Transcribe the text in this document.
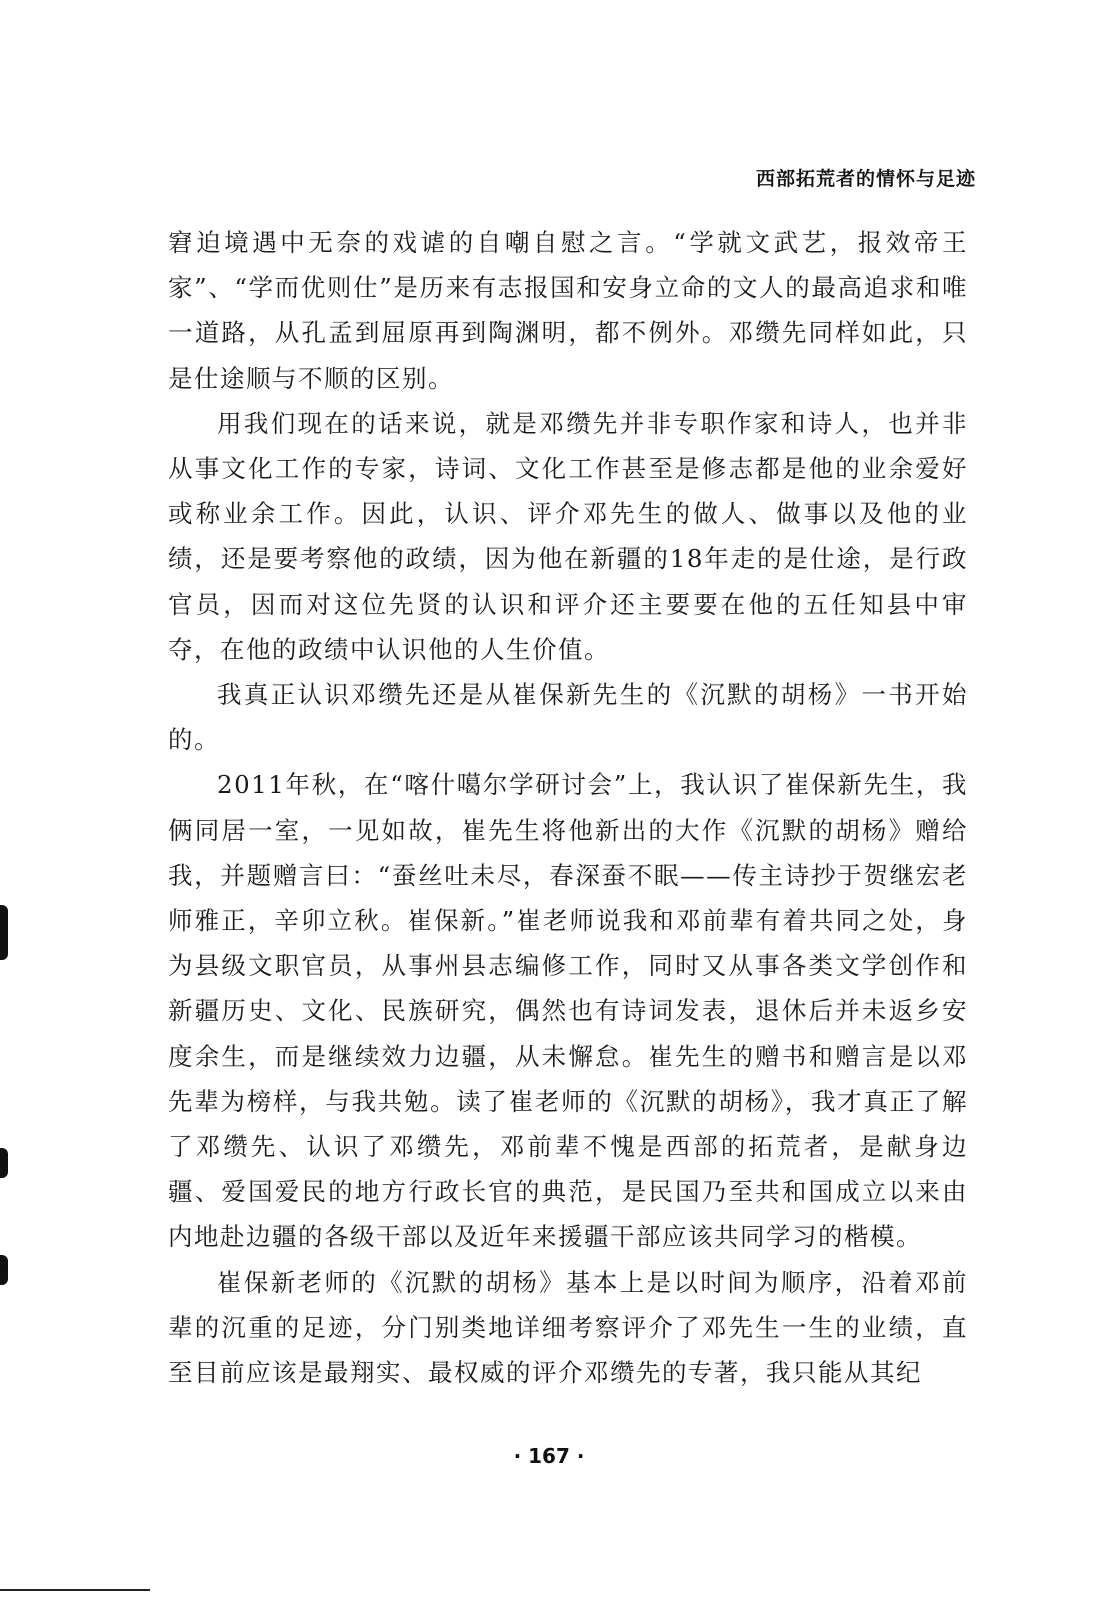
西部拓荒者的情怀与足迹

窘迫境遇中无奈的戏谑的自嘲自慰之言。“学就文武艺，报效帝王家”、“学而优则仕”是历来有志报国和安身立命的文人的最高追求和唯一道路，从孔孟到屈原再到陶渊明，都不例外。邓缵先同样如此，只是仕途顺与不顺的区别。

用我们现在的话来说，就是邓缵先并非专职作家和诗人，也并非从事文化工作的专家，诗词、文化工作甚至是修志都是他的业余爱好或称业余工作。因此，认识、评介邓先生的做人、做事以及他的业绩，还是要考察他的政绩，因为他在新疆的18年走的是仕途，是行政官员，因而对这位先贤的认识和评介还主要要在他的五任知县中审夺，在他的政绩中认识他的人生价值。

我真正认识邓缵先还是从崔保新先生的《沉默的胡杨》一书开始的。

2011年秋，在“喀什噶尔学研讨会”上，我认识了崔保新先生，我俩同居一室，一见如故，崔先生将他新出的大作《沉默的胡杨》赠给我，并题赠言曰：“蚕丝吐未尽，春深蚕不眠——传主诗抄于贺继宏老师雅正，辛卯立秋。崔保新。”崔老师说我和邓前辈有着共同之处，身为县级文职官员，从事州县志编修工作，同时又从事各类文学创作和新疆历史、文化、民族研究，偶然也有诗词发表，退休后并未返乡安度余生，而是继续效力边疆，从未懈怠。崔先生的赠书和赠言是以邓先辈为榜样，与我共勉。读了崔老师的《沉默的胡杨》，我才真正了解了邓缵先、认识了邓缵先，邓前辈不愧是西部的拓荒者，是献身边疆、爱国爱民的地方行政长官的典范，是民国乃至共和国成立以来由内地赴边疆的各级干部以及近年来援疆干部应该共同学习的楷模。

崔保新老师的《沉默的胡杨》基本上是以时间为顺序，沿着邓前辈的沉重的足迹，分门别类地详细考察评介了邓先生一生的业绩，直至目前应该是最翔实、最权威的评介邓缵先的专著，我只能从其纪

· 167 ·
